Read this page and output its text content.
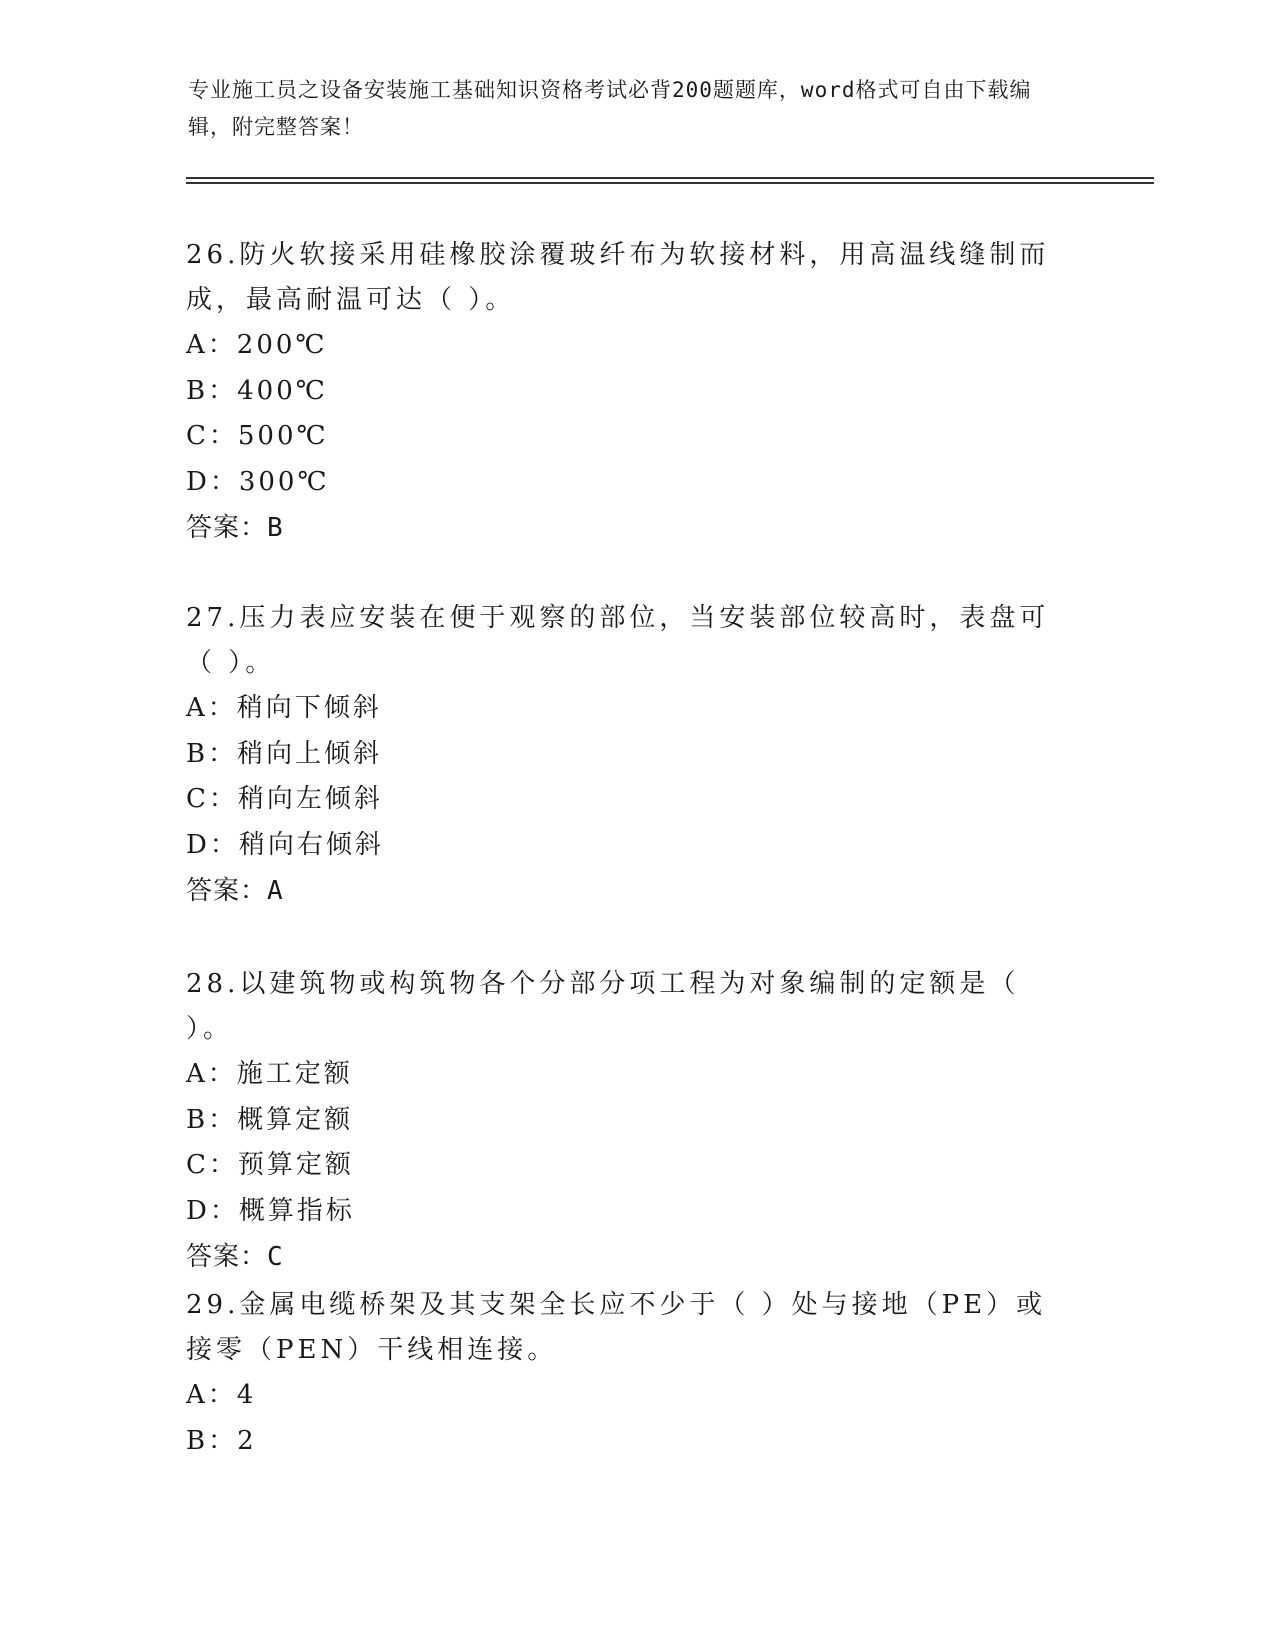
专业施工员之设备安装施工基础知识资格考试必背200题题库，word格式可自由下载编辑，附完整答案！

26.防火软接采用硅橡胶涂覆玻纤布为软接材料，用高温线缝制而成，最高耐温可达（ ）。

A：200℃

B：400℃

C：500℃

D：300℃

答案：B

27.压力表应安装在便于观察的部位，当安装部位较高时，表盘可（ ）。

A：稍向下倾斜

B：稍向上倾斜

C：稍向左倾斜

D：稍向右倾斜

答案：A

28.以建筑物或构筑物各个分部分项工程为对象编制的定额是（ ）。

A：施工定额

B：概算定额

C：预算定额

D：概算指标

答案：C

29.金属电缆桥架及其支架全长应不少于（ ）处与接地（PE）或接零（PEN）干线相连接。

A：4

B：2
